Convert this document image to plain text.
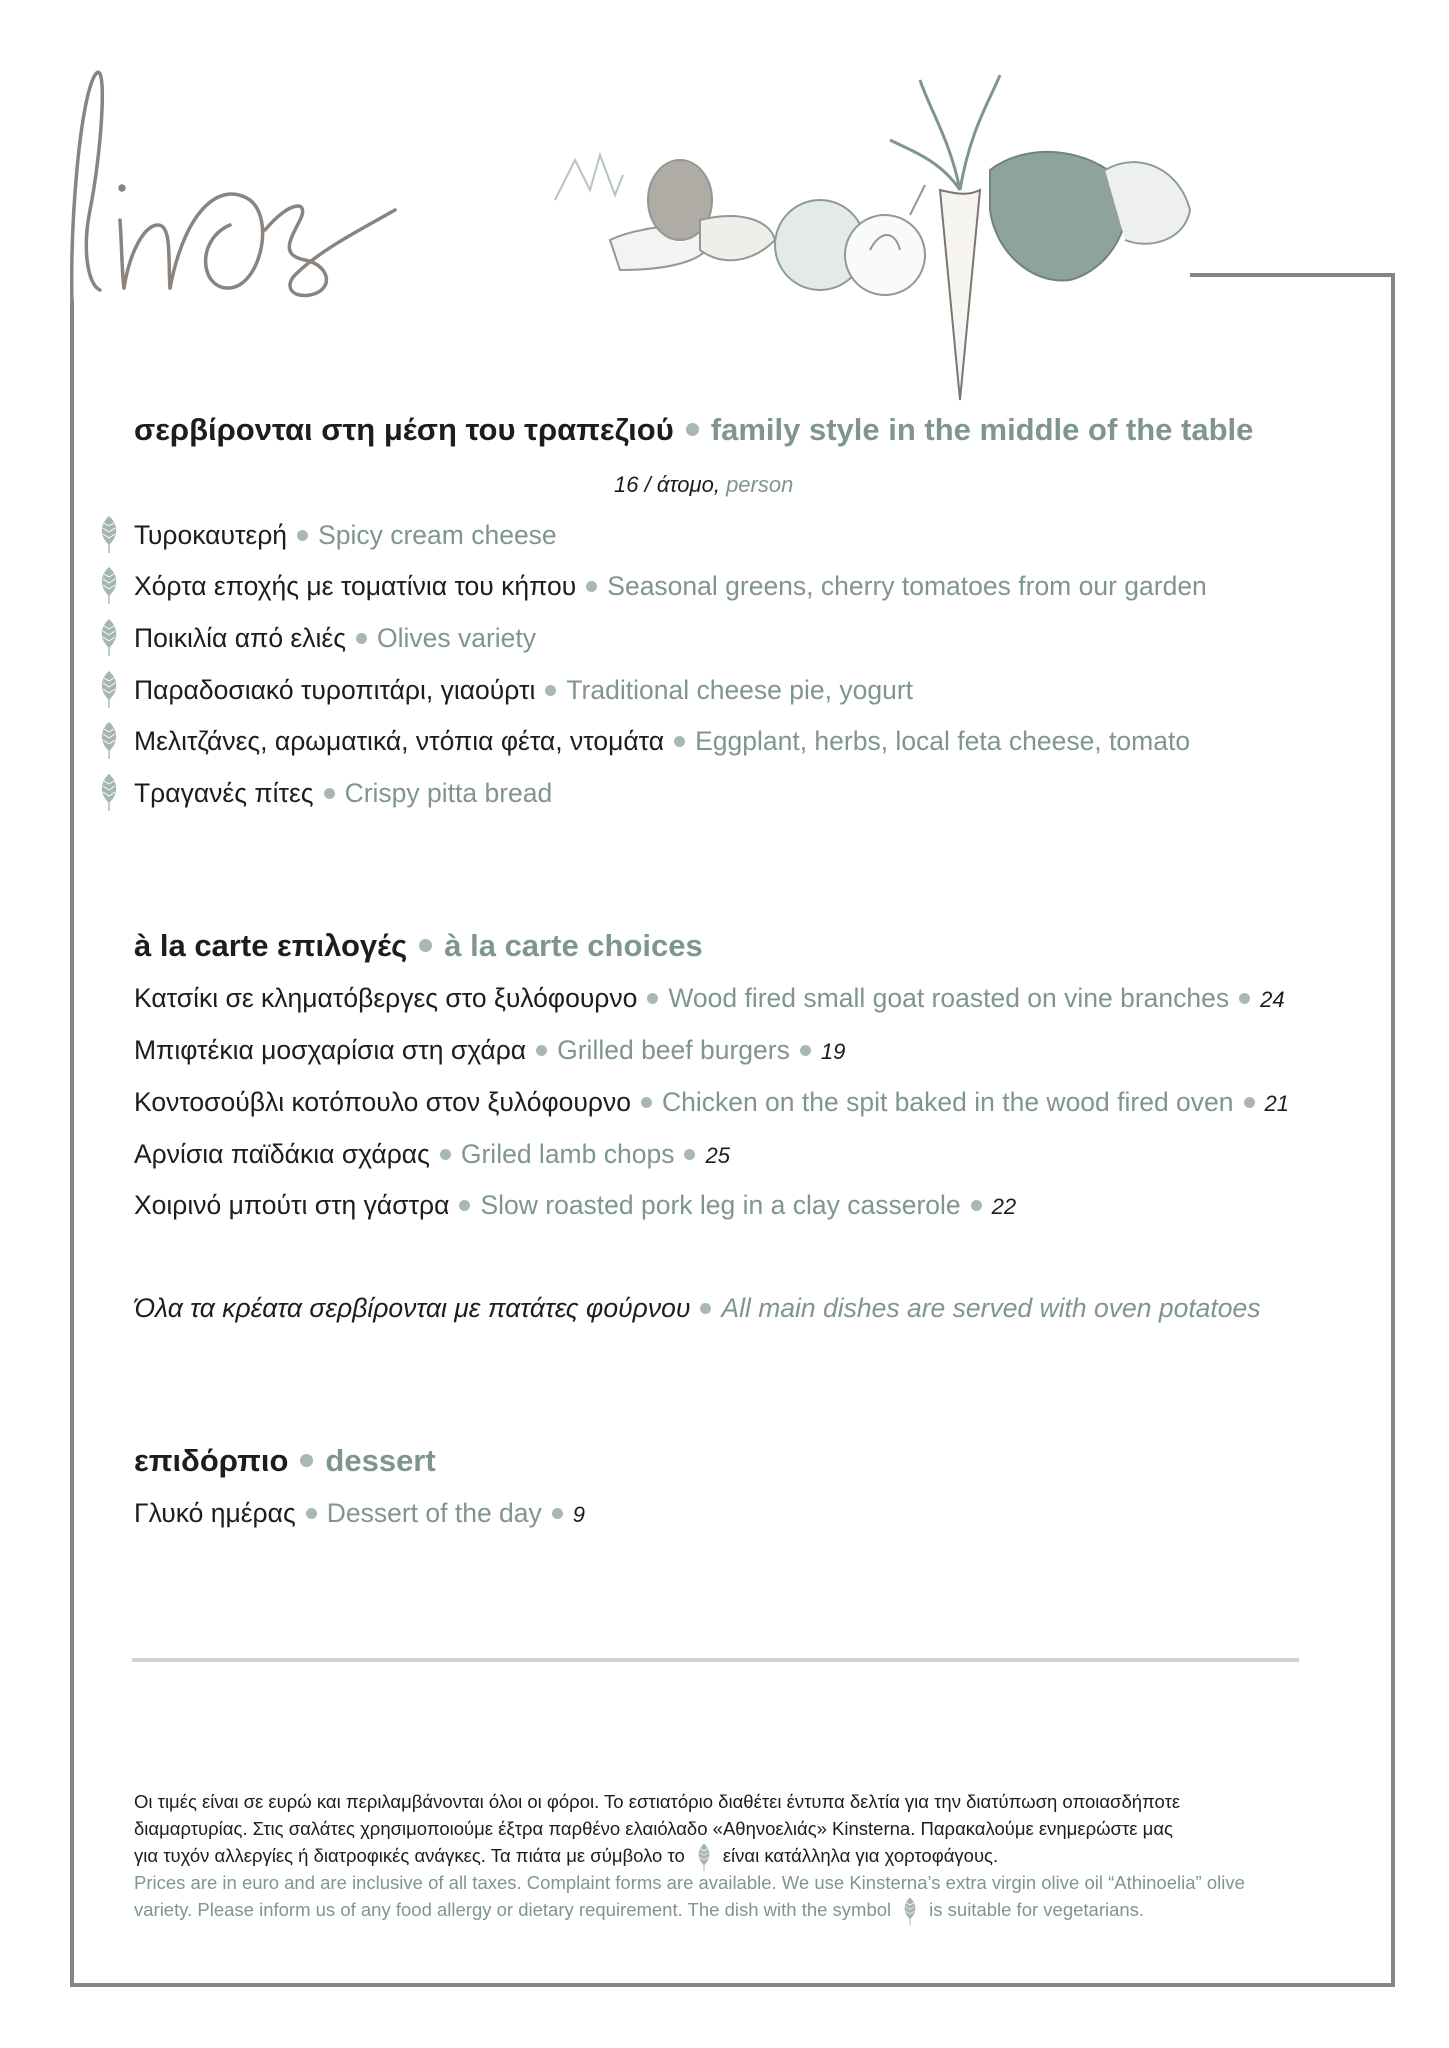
σερβίρονται στη μέση του τραπεζιού family style in the middle of the table
16 / άτομο, person
Τυροκαυτερή Spicy cream cheese
Χόρτα εποχής με τοματίνια του κήπου Seasonal greens, cherry tomatoes from our garden
Ποικιλία από ελιές Olives variety
Παραδοσιακό τυροπιτάρι, γιαούρτι Traditional cheese pie, yogurt
Μελιτζάνες, αρωματικά, ντόπια φέτα, ντομάτα Eggplant, herbs, local feta cheese, tomato
Τραγανές πίτες Crispy pitta bread
à la carte επιλογές à la carte choices
Κατσίκι σε κληματόβεργες στο ξυλόφουρνο Wood fired small goat roasted on vine branches 24
Μπιφτέκια μοσχαρίσια στη σχάρα Grilled beef burgers 19
Κοντοσούβλι κοτόπουλο στον ξυλόφουρνο Chicken on the spit baked in the wood fired oven 21
Αρνίσια παϊδάκια σχάρας Griled lamb chops 25
Χοιρινό μπούτι στη γάστρα Slow roasted pork leg in a clay casserole 22
Όλα τα κρέατα σερβίρονται με πατάτες φούρνου All main dishes are served with oven potatoes
επιδόρπιο dessert
Γλυκό ημέρας Dessert of the day 9
Οι τιμές είναι σε ευρώ και περιλαμβάνονται όλοι οι φόροι. Το εστιατόριο διαθέτει έντυπα δελτία για την διατύπωση οποιασδήποτε
διαμαρτυρίας. Στις σαλάτες χρησιμοποιούμε έξτρα παρθένο ελαιόλαδο «Αθηνοελιάς» Kinsterna. Παρακαλούμε ενημερώστε μας
για τυχόν αλλεργίες ή διατροφικές ανάγκες. Τα πιάτα με σύμβολο το είναι κατάλληλα για χορτοφάγους.
Prices are in euro and are inclusive of all taxes. Complaint forms are available. We use Kinsterna’s extra virgin olive oil “Athinoelia” olive
variety. Please inform us of any food allergy or dietary requirement. The dish with the symbol is suitable for vegetarians.
